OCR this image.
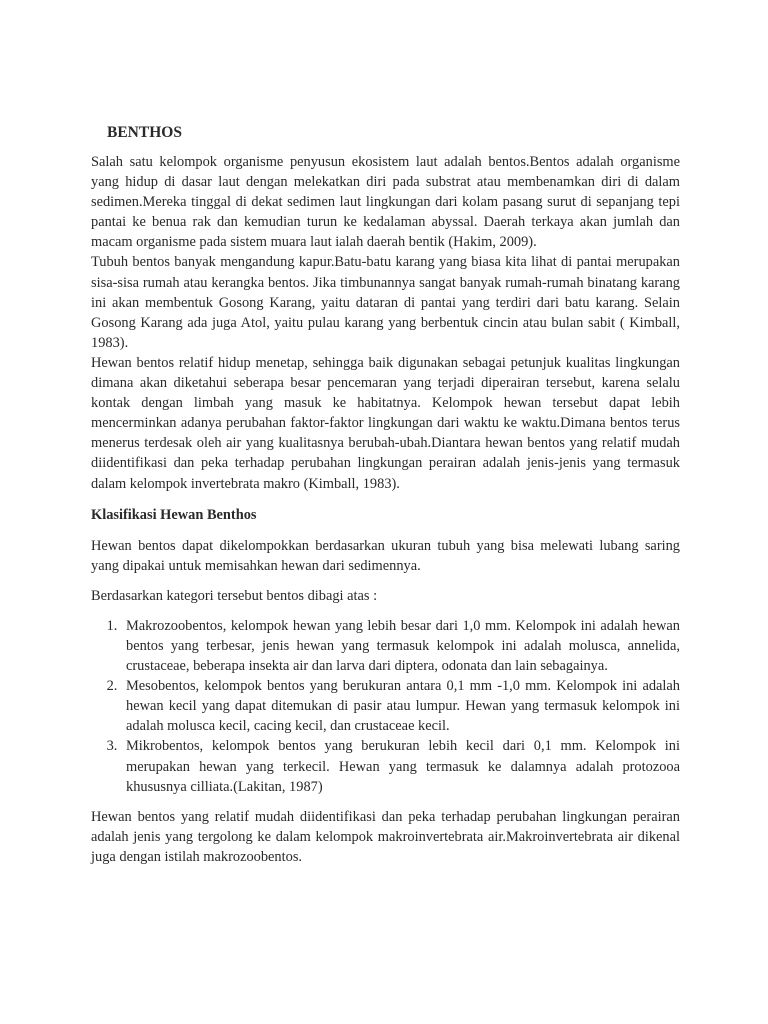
BENTHOS

Salah satu kelompok organisme penyusun ekosistem laut adalah bentos.Bentos adalah organisme yang hidup di dasar laut dengan melekatkan diri pada substrat atau membenamkan diri di dalam sedimen.Mereka tinggal di dekat sedimen laut lingkungan dari kolam pasang surut di sepanjang tepi pantai ke benua rak dan kemudian turun ke kedalaman abyssal. Daerah terkaya akan jumlah dan macam organisme pada sistem muara laut ialah daerah bentik (Hakim, 2009).

Tubuh bentos banyak mengandung kapur.Batu-batu karang yang biasa kita lihat di pantai merupakan sisa-sisa rumah atau kerangka bentos. Jika timbunannya sangat banyak rumah-rumah binatang karang ini akan membentuk Gosong Karang, yaitu dataran di pantai yang terdiri dari batu karang. Selain Gosong Karang ada juga Atol, yaitu pulau karang yang berbentuk cincin atau bulan sabit ( Kimball, 1983).

Hewan bentos relatif hidup menetap, sehingga baik digunakan sebagai petunjuk kualitas lingkungan dimana akan diketahui seberapa besar pencemaran yang terjadi diperairan tersebut, karena selalu kontak dengan limbah yang masuk ke habitatnya. Kelompok hewan tersebut dapat lebih mencerminkan adanya perubahan faktor-faktor lingkungan dari waktu ke waktu.Dimana bentos terus menerus terdesak oleh air yang kualitasnya berubah-ubah.Diantara hewan bentos yang relatif mudah diidentifikasi dan peka terhadap perubahan lingkungan perairan adalah jenis-jenis yang termasuk dalam kelompok invertebrata makro (Kimball, 1983).

Klasifikasi Hewan Benthos

Hewan bentos dapat dikelompokkan berdasarkan ukuran tubuh yang bisa melewati lubang saring yang dipakai untuk memisahkan hewan dari sedimennya.

Berdasarkan kategori tersebut bentos dibagi atas :

1. Makrozoobentos, kelompok hewan yang lebih besar dari 1,0 mm. Kelompok ini adalah hewan bentos yang terbesar, jenis hewan yang termasuk kelompok ini adalah molusca, annelida, crustaceae, beberapa insekta air dan larva dari diptera, odonata dan lain sebagainya.
2. Mesobentos, kelompok bentos yang berukuran antara 0,1 mm -1,0 mm. Kelompok ini adalah hewan kecil yang dapat ditemukan di pasir atau lumpur. Hewan yang termasuk kelompok ini adalah molusca kecil, cacing kecil, dan crustaceae kecil.
3. Mikrobentos, kelompok bentos yang berukuran lebih kecil dari 0,1 mm. Kelompok ini merupakan hewan yang terkecil. Hewan yang termasuk ke dalamnya adalah protozooa khususnya cilliata.(Lakitan, 1987)

Hewan bentos yang relatif mudah diidentifikasi dan peka terhadap perubahan lingkungan perairan adalah jenis yang tergolong ke dalam kelompok makroinvertebrata air.Makroinvertebrata air dikenal juga dengan istilah makrozoobentos.
